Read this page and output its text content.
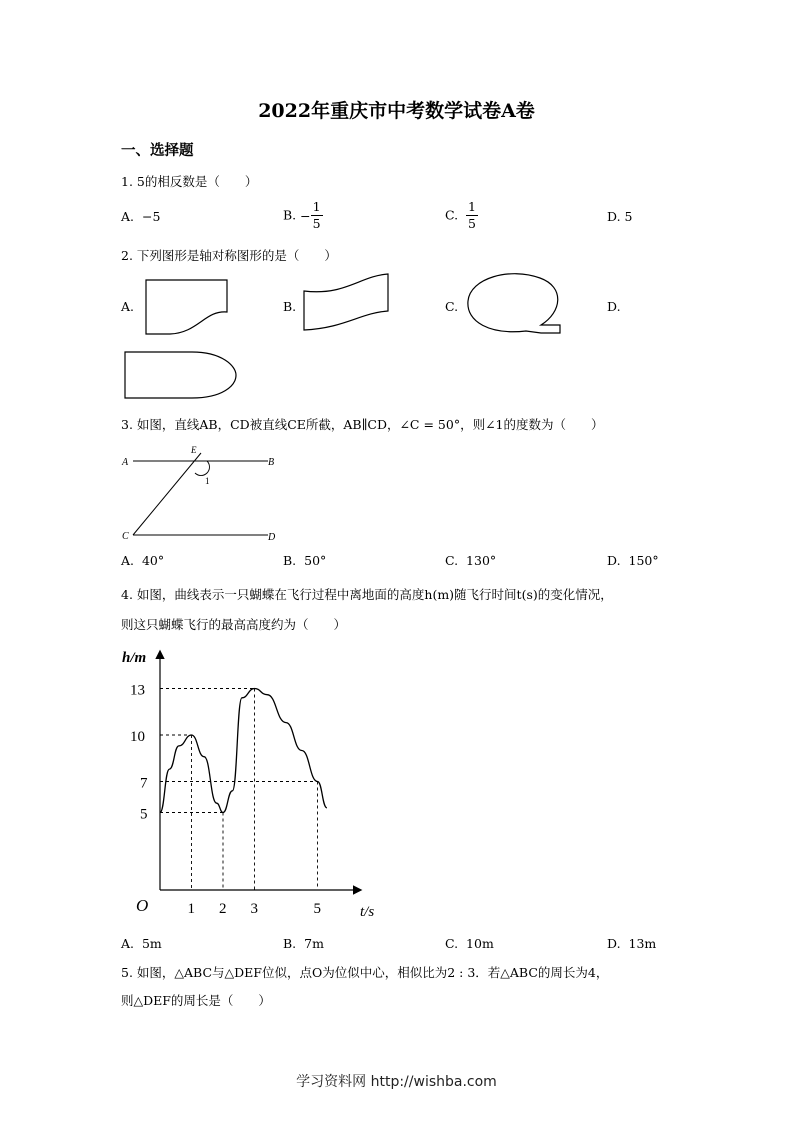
2022年重庆市中考数学试卷A卷
一、选择题
1. 5的相反数是（　　）
A. −5	B. − $\frac{1}{5}$	C. $\frac{1}{5}$	D. 5
2. 下列图形是轴对称图形的是（　　）
A.	B.	C.	D.
3. 如图，直线AB，CD被直线CE所截，AB∥CD，∠C = 50°，则∠1的度数为（　　）
A	B
C	D
E
1
A. 40°	B. 50°	C. 130°	D. 150°
4. 如图，曲线表示一只蝴蝶在飞行过程中离地面的高度h(m)随飞行时间t(s)的变化情况，
则这只蝴蝶飞行的最高高度约为（　　）
1 2 3	5
5
7
10
13
h/m
t/s
O
A. 5m	B. 7m	C. 10m	D. 13m
5. 如图，△ABC与△DEF位似，点O为位似中心，相似比为2 : 3．若△ABC的周长为4，
则△DEF的周长是（　　）
学习资料网 http://wishba.com
